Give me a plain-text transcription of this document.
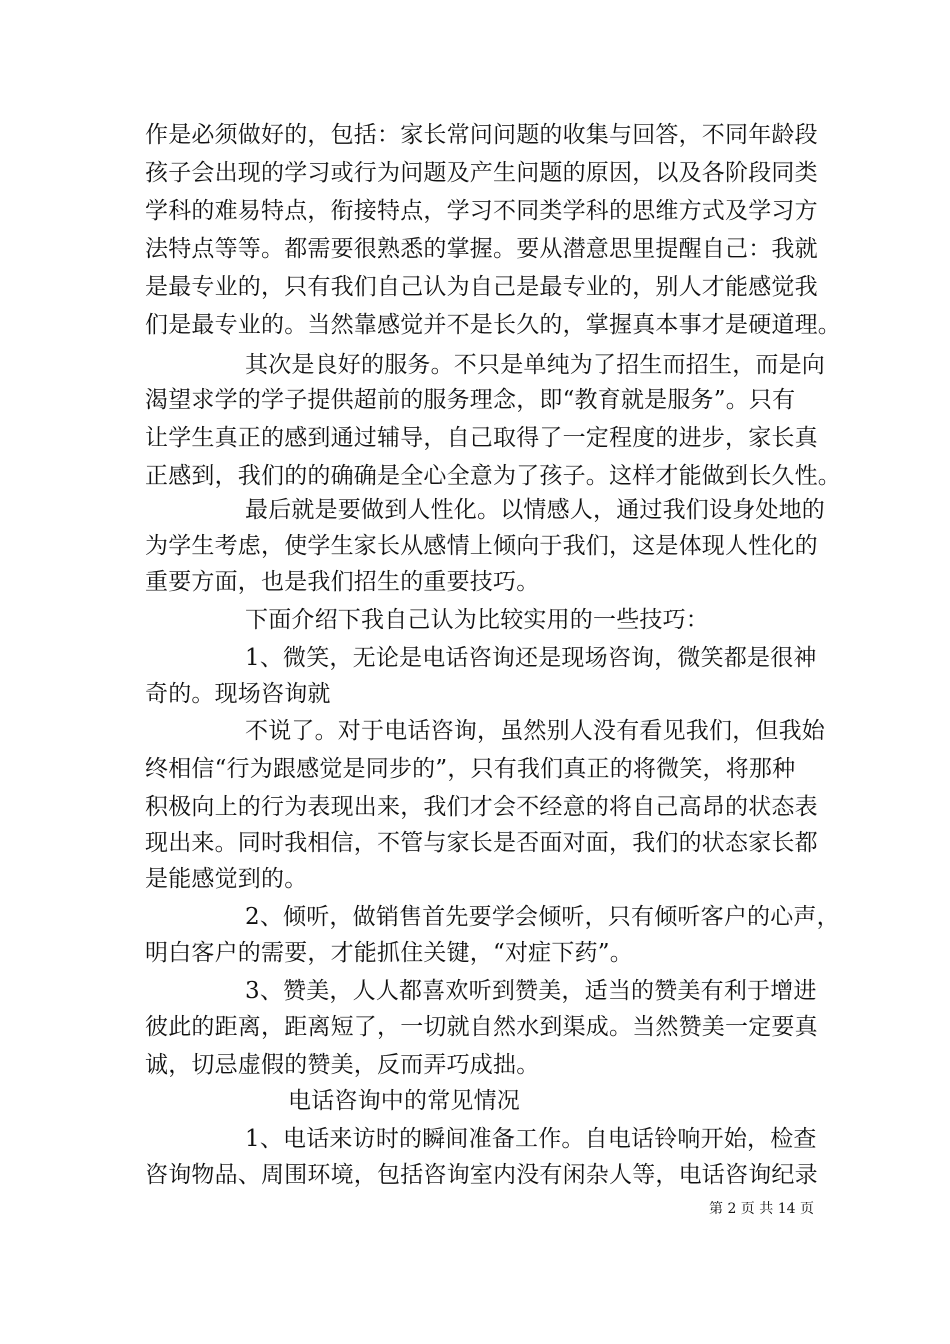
作是必须做好的，包括：家长常问问题的收集与回答，不同年龄段
孩子会出现的学习或行为问题及产生问题的原因，以及各阶段同类
学科的难易特点，衔接特点，学习不同类学科的思维方式及学习方
法特点等等。都需要很熟悉的掌握。要从潜意思里提醒自己：我就
是最专业的，只有我们自己认为自己是最专业的，别人才能感觉我
们是最专业的。当然靠感觉并不是长久的，掌握真本事才是硬道理。
其次是良好的服务。不只是单纯为了招生而招生，而是向
渴望求学的学子提供超前的服务理念，即“教育就是服务”。只有
让学生真正的感到通过辅导，自己取得了一定程度的进步，家长真
正感到，我们的的确确是全心全意为了孩子。这样才能做到长久性。
最后就是要做到人性化。以情感人，通过我们设身处地的
为学生考虑，使学生家长从感情上倾向于我们，这是体现人性化的
重要方面，也是我们招生的重要技巧。
下面介绍下我自己认为比较实用的一些技巧：
1、微笑，无论是电话咨询还是现场咨询，微笑都是很神
奇的。现场咨询就
不说了。对于电话咨询，虽然别人没有看见我们，但我始
终相信“行为跟感觉是同步的”，只有我们真正的将微笑，将那种
积极向上的行为表现出来，我们才会不经意的将自己高昂的状态表
现出来。同时我相信，不管与家长是否面对面，我们的状态家长都
是能感觉到的。
2、倾听，做销售首先要学会倾听，只有倾听客户的心声，
明白客户的需要，才能抓住关键，“对症下药”。
3、赞美，人人都喜欢听到赞美，适当的赞美有利于增进
彼此的距离，距离短了，一切就自然水到渠成。当然赞美一定要真
诚，切忌虚假的赞美，反而弄巧成拙。
电话咨询中的常见情况
1、电话来访时的瞬间准备工作。自电话铃响开始，检查
咨询物品、周围环境，包括咨询室内没有闲杂人等，电话咨询纪录
第 2 页 共 14 页
